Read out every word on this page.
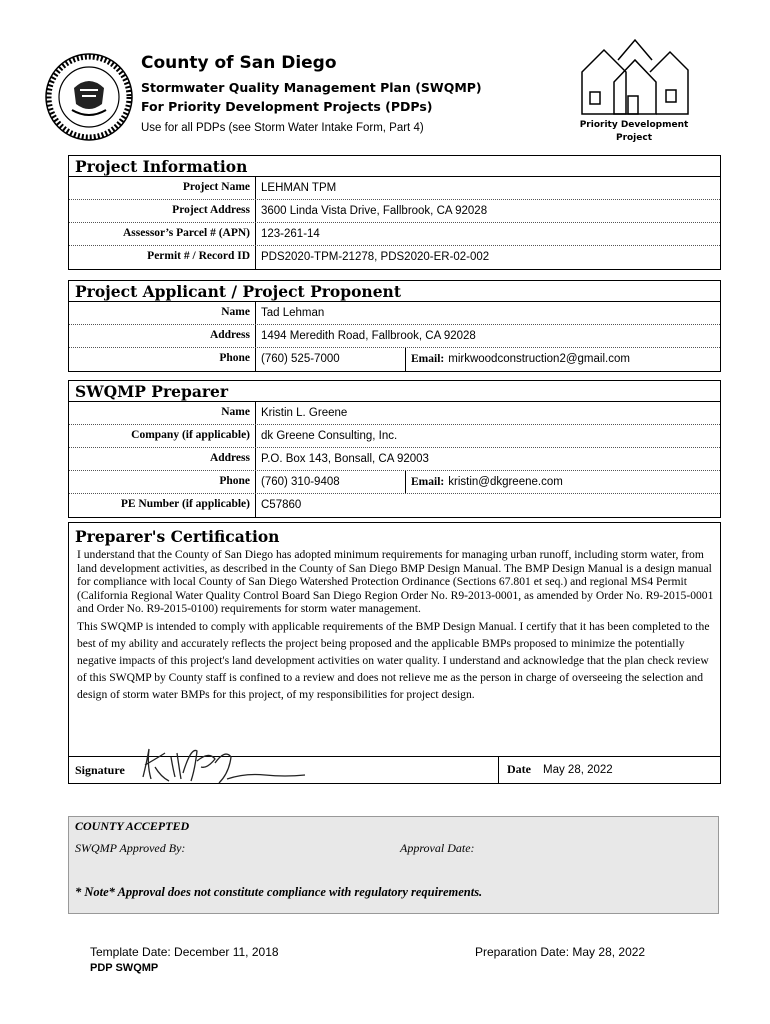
County of San Diego
Stormwater Quality Management Plan (SWQMP)
For Priority Development Projects (PDPs)
Use for all PDPs (see Storm Water Intake Form, Part 4)	Priority Development
Project
Project Information
Project Name LEHMAN TPM
Project Address 3600 Linda Vista Drive, Fallbrook, CA 92028
Assessor’s Parcel # (APN) 123-261-14
Permit # / Record ID PDS2020-TPM-21278, PDS2020-ER-02-002
Project Applicant / Project Proponent
Name Tad Lehman
Address 1494 Meredith Road, Fallbrook, CA 92028
Phone (760) 525-7000	Email: mirkwoodconstruction2@gmail.com
SWQMP Preparer
Name Kristin L. Greene
Company (if applicable) dk Greene Consulting, Inc.
Address P.O. Box 143, Bonsall, CA 92003
Phone (760) 310-9408	Email: kristin@dkgreene.com
PE Number (if applicable) C57860
Preparer's Certification
I understand that the County of San Diego has adopted minimum requirements for managing urban runoff, including storm water, from land development activities, as described in the County of San Diego BMP Design Manual. The BMP Design Manual is a design manual for compliance with local County of San Diego Watershed Protection Ordinance (Sections 67.801 et seq.) and regional MS4 Permit (California Regional Water Quality Control Board San Diego Region Order No. R9-2013-0001, as amended by Order No. R9-2015-0001 and Order No. R9-2015-0100) requirements for storm water management.
This SWQMP is intended to comply with applicable requirements of the BMP Design Manual. I certify that it has been completed to the best of my ability and accurately reflects the project being proposed and the applicable BMPs proposed to minimize the potentially negative impacts of this project's land development activities on water quality. I understand and acknowledge that the plan check review of this SWQMP by County staff is confined to a review and does not relieve me as the person in charge of overseeing the selection and design of storm water BMPs for this project, of my responsibilities for project design.
Signature	Date	May 28, 2022
COUNTY ACCEPTED
SWQMP Approved By:	Approval Date:
* Note* Approval does not constitute compliance with regulatory requirements.
Template Date: December 11, 2018
PDP SWQMP
Preparation Date: May 28, 2022
